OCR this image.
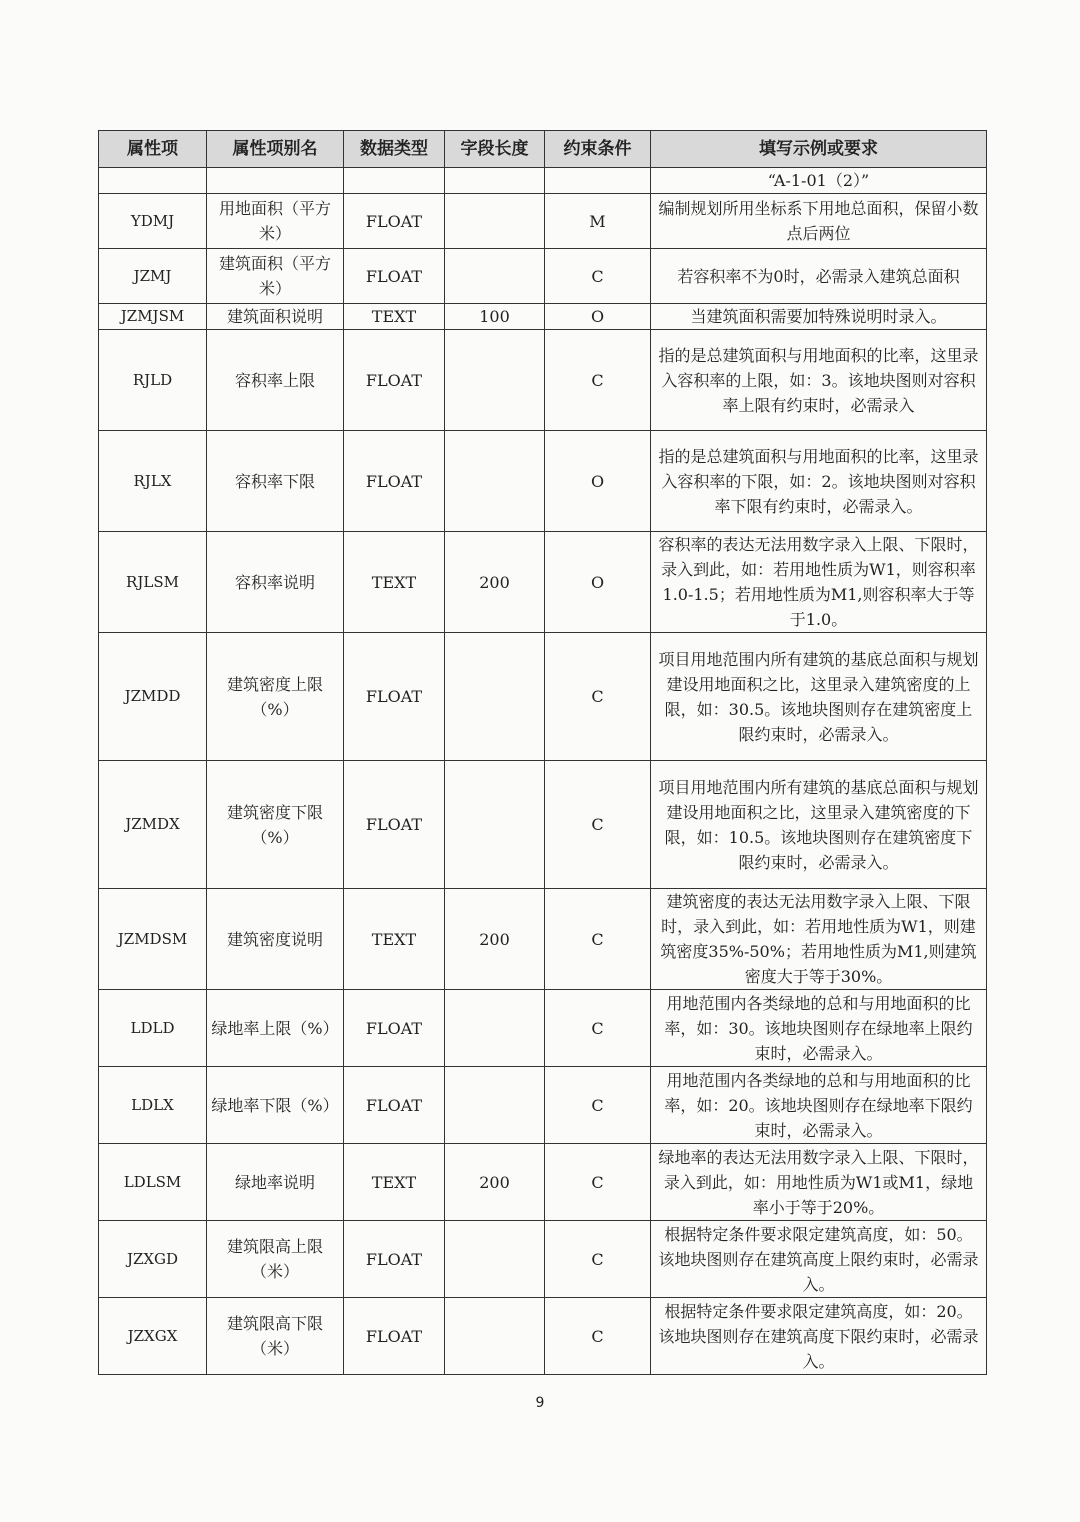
属性项	属性项别名	数据类型	字段长度	约束条件	填写示例或要求
					“A-1-01（2）”
YDMJ	用地面积（平方米）	FLOAT		M	编制规划所用坐标系下用地总面积，保留小数点后两位
JZMJ	建筑面积（平方米）	FLOAT		C	若容积率不为0时，必需录入建筑总面积
JZMJSM	建筑面积说明	TEXT	100	O	当建筑面积需要加特殊说明时录入。
RJLD	容积率上限	FLOAT		C	指的是总建筑面积与用地面积的比率，这里录入容积率的上限，如：3。该地块图则对容积率上限有约束时，必需录入
RJLX	容积率下限	FLOAT		O	指的是总建筑面积与用地面积的比率，这里录入容积率的下限，如：2。该地块图则对容积率下限有约束时，必需录入。
RJLSM	容积率说明	TEXT	200	O	容积率的表达无法用数字录入上限、下限时，录入到此，如：若用地性质为W1，则容积率1.0-1.5；若用地性质为M1,则容积率大于等于1.0。
JZMDD	建筑密度上限（%）	FLOAT		C	项目用地范围内所有建筑的基底总面积与规划建设用地面积之比，这里录入建筑密度的上限，如：30.5。该地块图则存在建筑密度上限约束时，必需录入。
JZMDX	建筑密度下限（%）	FLOAT		C	项目用地范围内所有建筑的基底总面积与规划建设用地面积之比，这里录入建筑密度的下限，如：10.5。该地块图则存在建筑密度下限约束时，必需录入。
JZMDSM	建筑密度说明	TEXT	200	C	建筑密度的表达无法用数字录入上限、下限时，录入到此，如：若用地性质为W1，则建筑密度35%-50%；若用地性质为M1,则建筑密度大于等于30%。
LDLD	绿地率上限（%）	FLOAT		C	用地范围内各类绿地的总和与用地面积的比率，如：30。该地块图则存在绿地率上限约束时，必需录入。
LDLX	绿地率下限（%）	FLOAT		C	用地范围内各类绿地的总和与用地面积的比率，如：20。该地块图则存在绿地率下限约束时，必需录入。
LDLSM	绿地率说明	TEXT	200	C	绿地率的表达无法用数字录入上限、下限时，录入到此，如：用地性质为W1或M1，绿地率小于等于20%。
JZXGD	建筑限高上限（米）	FLOAT		C	根据特定条件要求限定建筑高度，如：50。该地块图则存在建筑高度上限约束时，必需录入。
JZXGX	建筑限高下限（米）	FLOAT		C	根据特定条件要求限定建筑高度，如：20。该地块图则存在建筑高度下限约束时，必需录入。
9
